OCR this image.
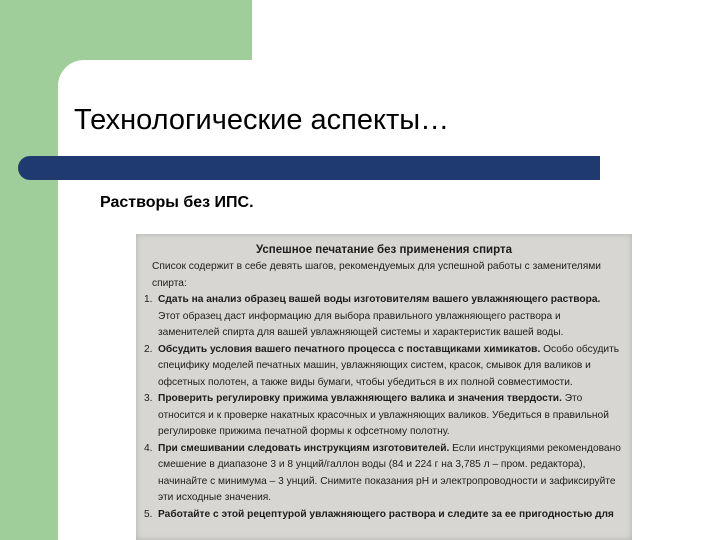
Технологические аспекты…
Растворы без ИПС.
Успешное печатание без применения спирта
Список содержит в себе девять шагов, рекомендуемых для успешной работы с заменителями спирта:
1. Сдать на анализ образец вашей воды изготовителям вашего увлажняющего раствора. Этот образец даст информацию для выбора правильного увлажняющего раствора и заменителей спирта для вашей увлажняющей системы и характеристик вашей воды.
2. Обсудить условия вашего печатного процесса с поставщиками химикатов. Особо обсудить специфику моделей печатных машин, увлажняющих систем, красок, смывок для валиков и офсетных полотен, а также виды бумаги, чтобы убедиться в их полной совместимости.
3. Проверить регулировку прижима увлажняющего валика и значения твердости. Это относится и к проверке накатных красочных и увлажняющих валиков. Убедиться в правильной регулировке прижима печатной формы к офсетному полотну.
4. При смешивании следовать инструкциям изготовителей. Если инструкциями рекомендовано смешение в диапазоне 3 и 8 унций/галлон воды (84 и 224 г на 3,785 л – пром. редактора), начинайте с минимума – 3 унций. Снимите показания pH и электропроводности и зафиксируйте эти исходные значения.
5. Работайте с этой рецептурой увлажняющего раствора и следите за ее пригодностью для
